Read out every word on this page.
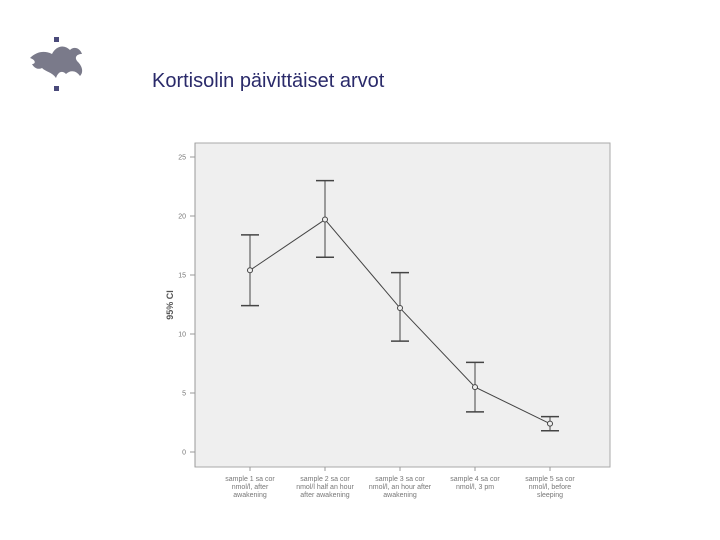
Kortisolin päivittäiset arvot
0
5
10
15
20
25
95% CI
sample 1 sa cor
nmol/l, after
awakening
sample 2 sa cor
nmol/l half an hour
after awakening
sample 3 sa cor
nmol/l, an hour after
awakening
sample 4 sa cor
nmol/l, 3 pm
sample 5 sa cor
nmol/l, before
sleeping
